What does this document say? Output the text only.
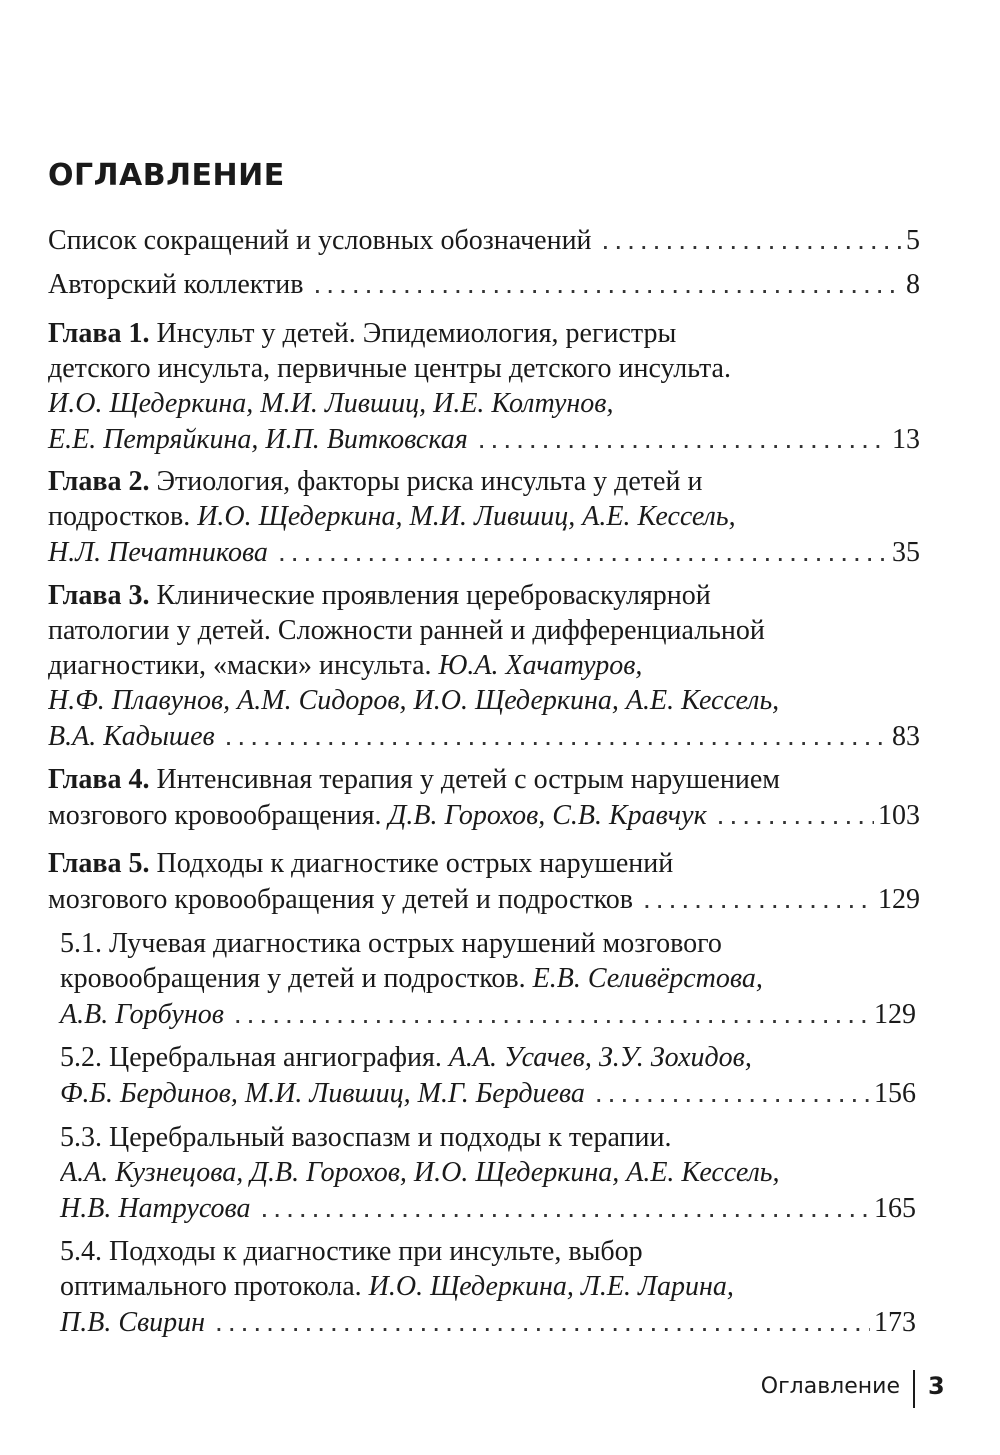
ОГЛАВЛЕНИЕ
Список сокращений и условных обозначений .....	5
Авторский коллектив .....	8
Глава 1. Инсульт у детей. Эпидемиология, регистры
детского инсульта, первичные центры детского инсульта.
И.О. Щедеркина, М.И. Лившиц, И.Е. Колтунов,
Е.Е. Петряйкина, И.П. Витковская .....	13
Глава 2. Этиология, факторы риска инсульта у детей и
подростков. И.О. Щедеркина, М.И. Лившиц, А.Е. Кессель,
Н.Л. Печатникова .....	35
Глава 3. Клинические проявления цереброваскулярной
патологии у детей. Сложности ранней и дифференциальной
диагностики, «маски» инсульта. Ю.А. Хачатуров,
Н.Ф. Плавунов, А.М. Сидоров, И.О. Щедеркина, А.Е. Кессель,
В.А. Кадышев .....	83
Глава 4. Интенсивная терапия у детей с острым нарушением
мозгового кровообращения. Д.В. Горохов, С.В. Кравчук .....	103
Глава 5. Подходы к диагностике острых нарушений
мозгового кровообращения у детей и подростков .....	129
5.1. Лучевая диагностика острых нарушений мозгового
кровообращения у детей и подростков. Е.В. Селивёрстова,
А.В. Горбунов .....	129
5.2. Церебральная ангиография. А.А. Усачев, З.У. Зохидов,
Ф.Б. Бердинов, М.И. Лившиц, М.Г. Бердиева .....	156
5.3. Церебральный вазоспазм и подходы к терапии.
А.А. Кузнецова, Д.В. Горохов, И.О. Щедеркина, А.Е. Кессель,
Н.В. Натрусова .....	165
5.4. Подходы к диагностике при инсульте, выбор
оптимального протокола. И.О. Щедеркина, Л.Е. Ларина,
П.В. Свирин .....	173
Оглавление 3
